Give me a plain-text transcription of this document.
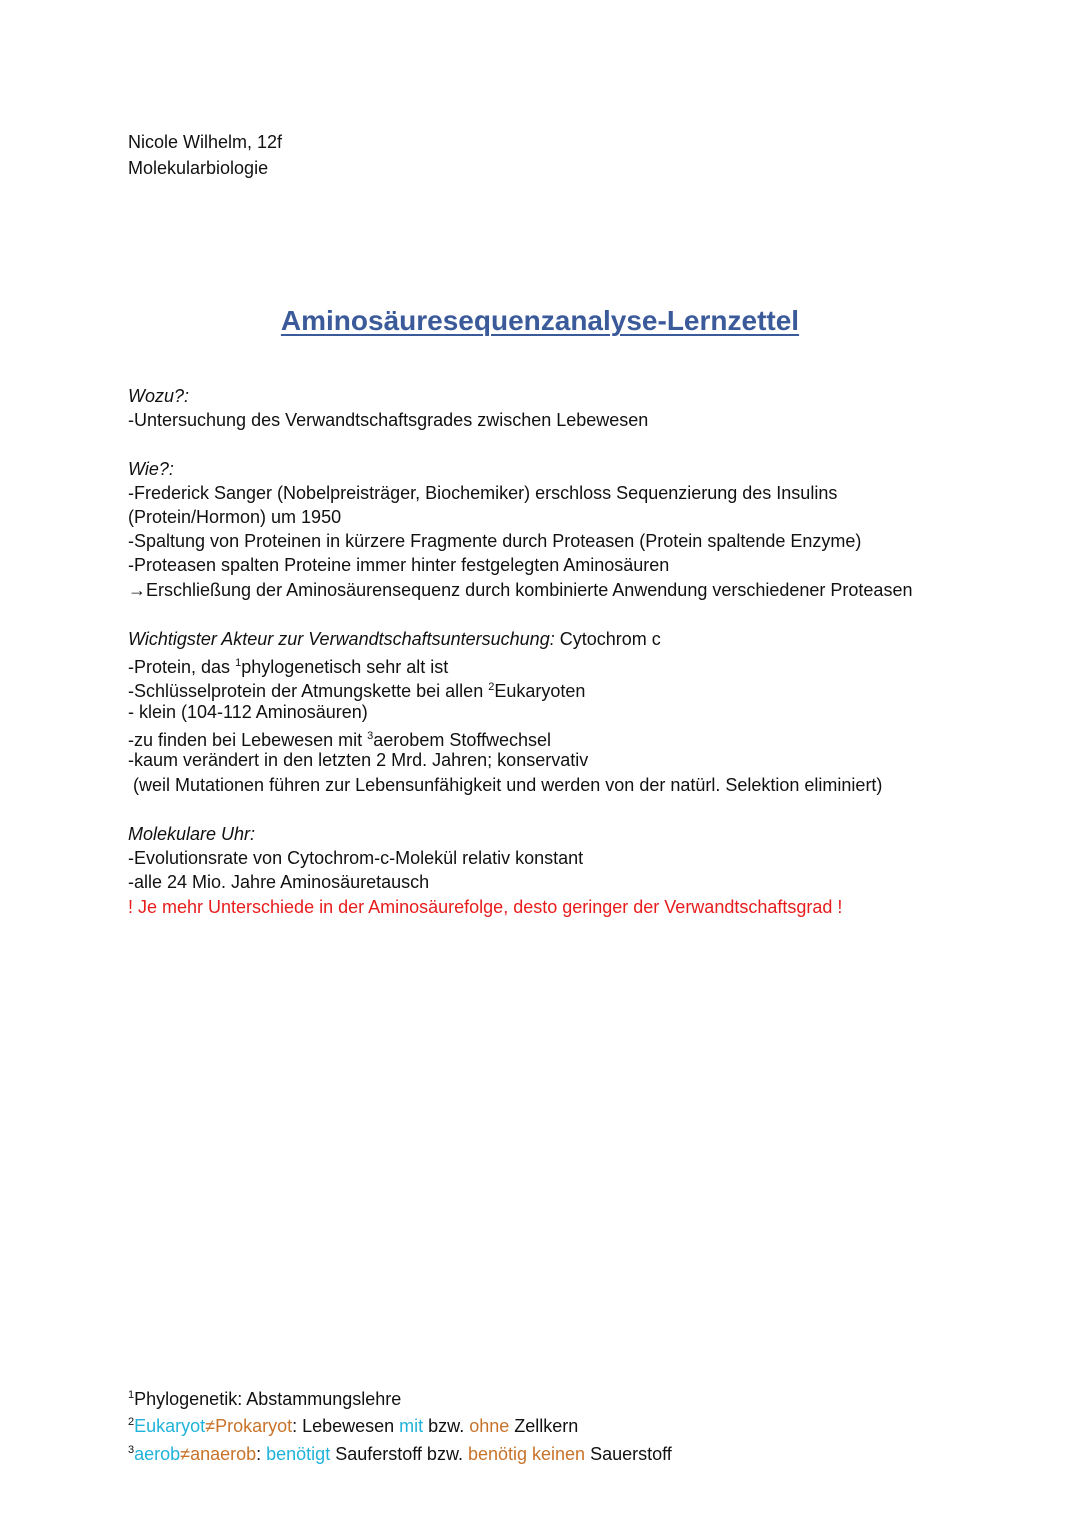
Nicole Wilhelm, 12f
Molekularbiologie
Aminosäuresequenzanalyse-Lernzettel
Wozu?:
-Untersuchung des Verwandtschaftsgrades zwischen Lebewesen
Wie?:
-Frederick Sanger (Nobelpreisträger, Biochemiker) erschloss Sequenzierung des Insulins
(Protein/Hormon) um 1950
-Spaltung von Proteinen in kürzere Fragmente durch Proteasen (Protein spaltende Enzyme)
-Proteasen spalten Proteine immer hinter festgelegten Aminosäuren
→Erschließung der Aminosäurensequenz durch kombinierte Anwendung verschiedener Proteasen
Wichtigster Akteur zur Verwandtschaftsuntersuchung: Cytochrom c
-Protein, das $^1$phylogenetisch sehr alt ist
-Schlüsselprotein der Atmungskette bei allen $^2$Eukaryoten
- klein (104-112 Aminosäuren)
-zu finden bei Lebewesen mit $^3$aerobem Stoffwechsel
-kaum verändert in den letzten 2 Mrd. Jahren; konservativ
(weil Mutationen führen zur Lebensunfähigkeit und werden von der natürl. Selektion eliminiert)
Molekulare Uhr:
-Evolutionsrate von Cytochrom-c-Molekül relativ konstant
-alle 24 Mio. Jahre Aminosäuretausch
! Je mehr Unterschiede in der Aminosäurefolge, desto geringer der Verwandtschaftsgrad !
$^1$Phylogenetik: Abstammungslehre
$^2$Eukaryot≠Prokaryot: Lebewesen mit bzw. ohne Zellkern
$^3$aerob≠anaerob: benötigt Sauferstoff bzw. benötig keinen Sauerstoff
